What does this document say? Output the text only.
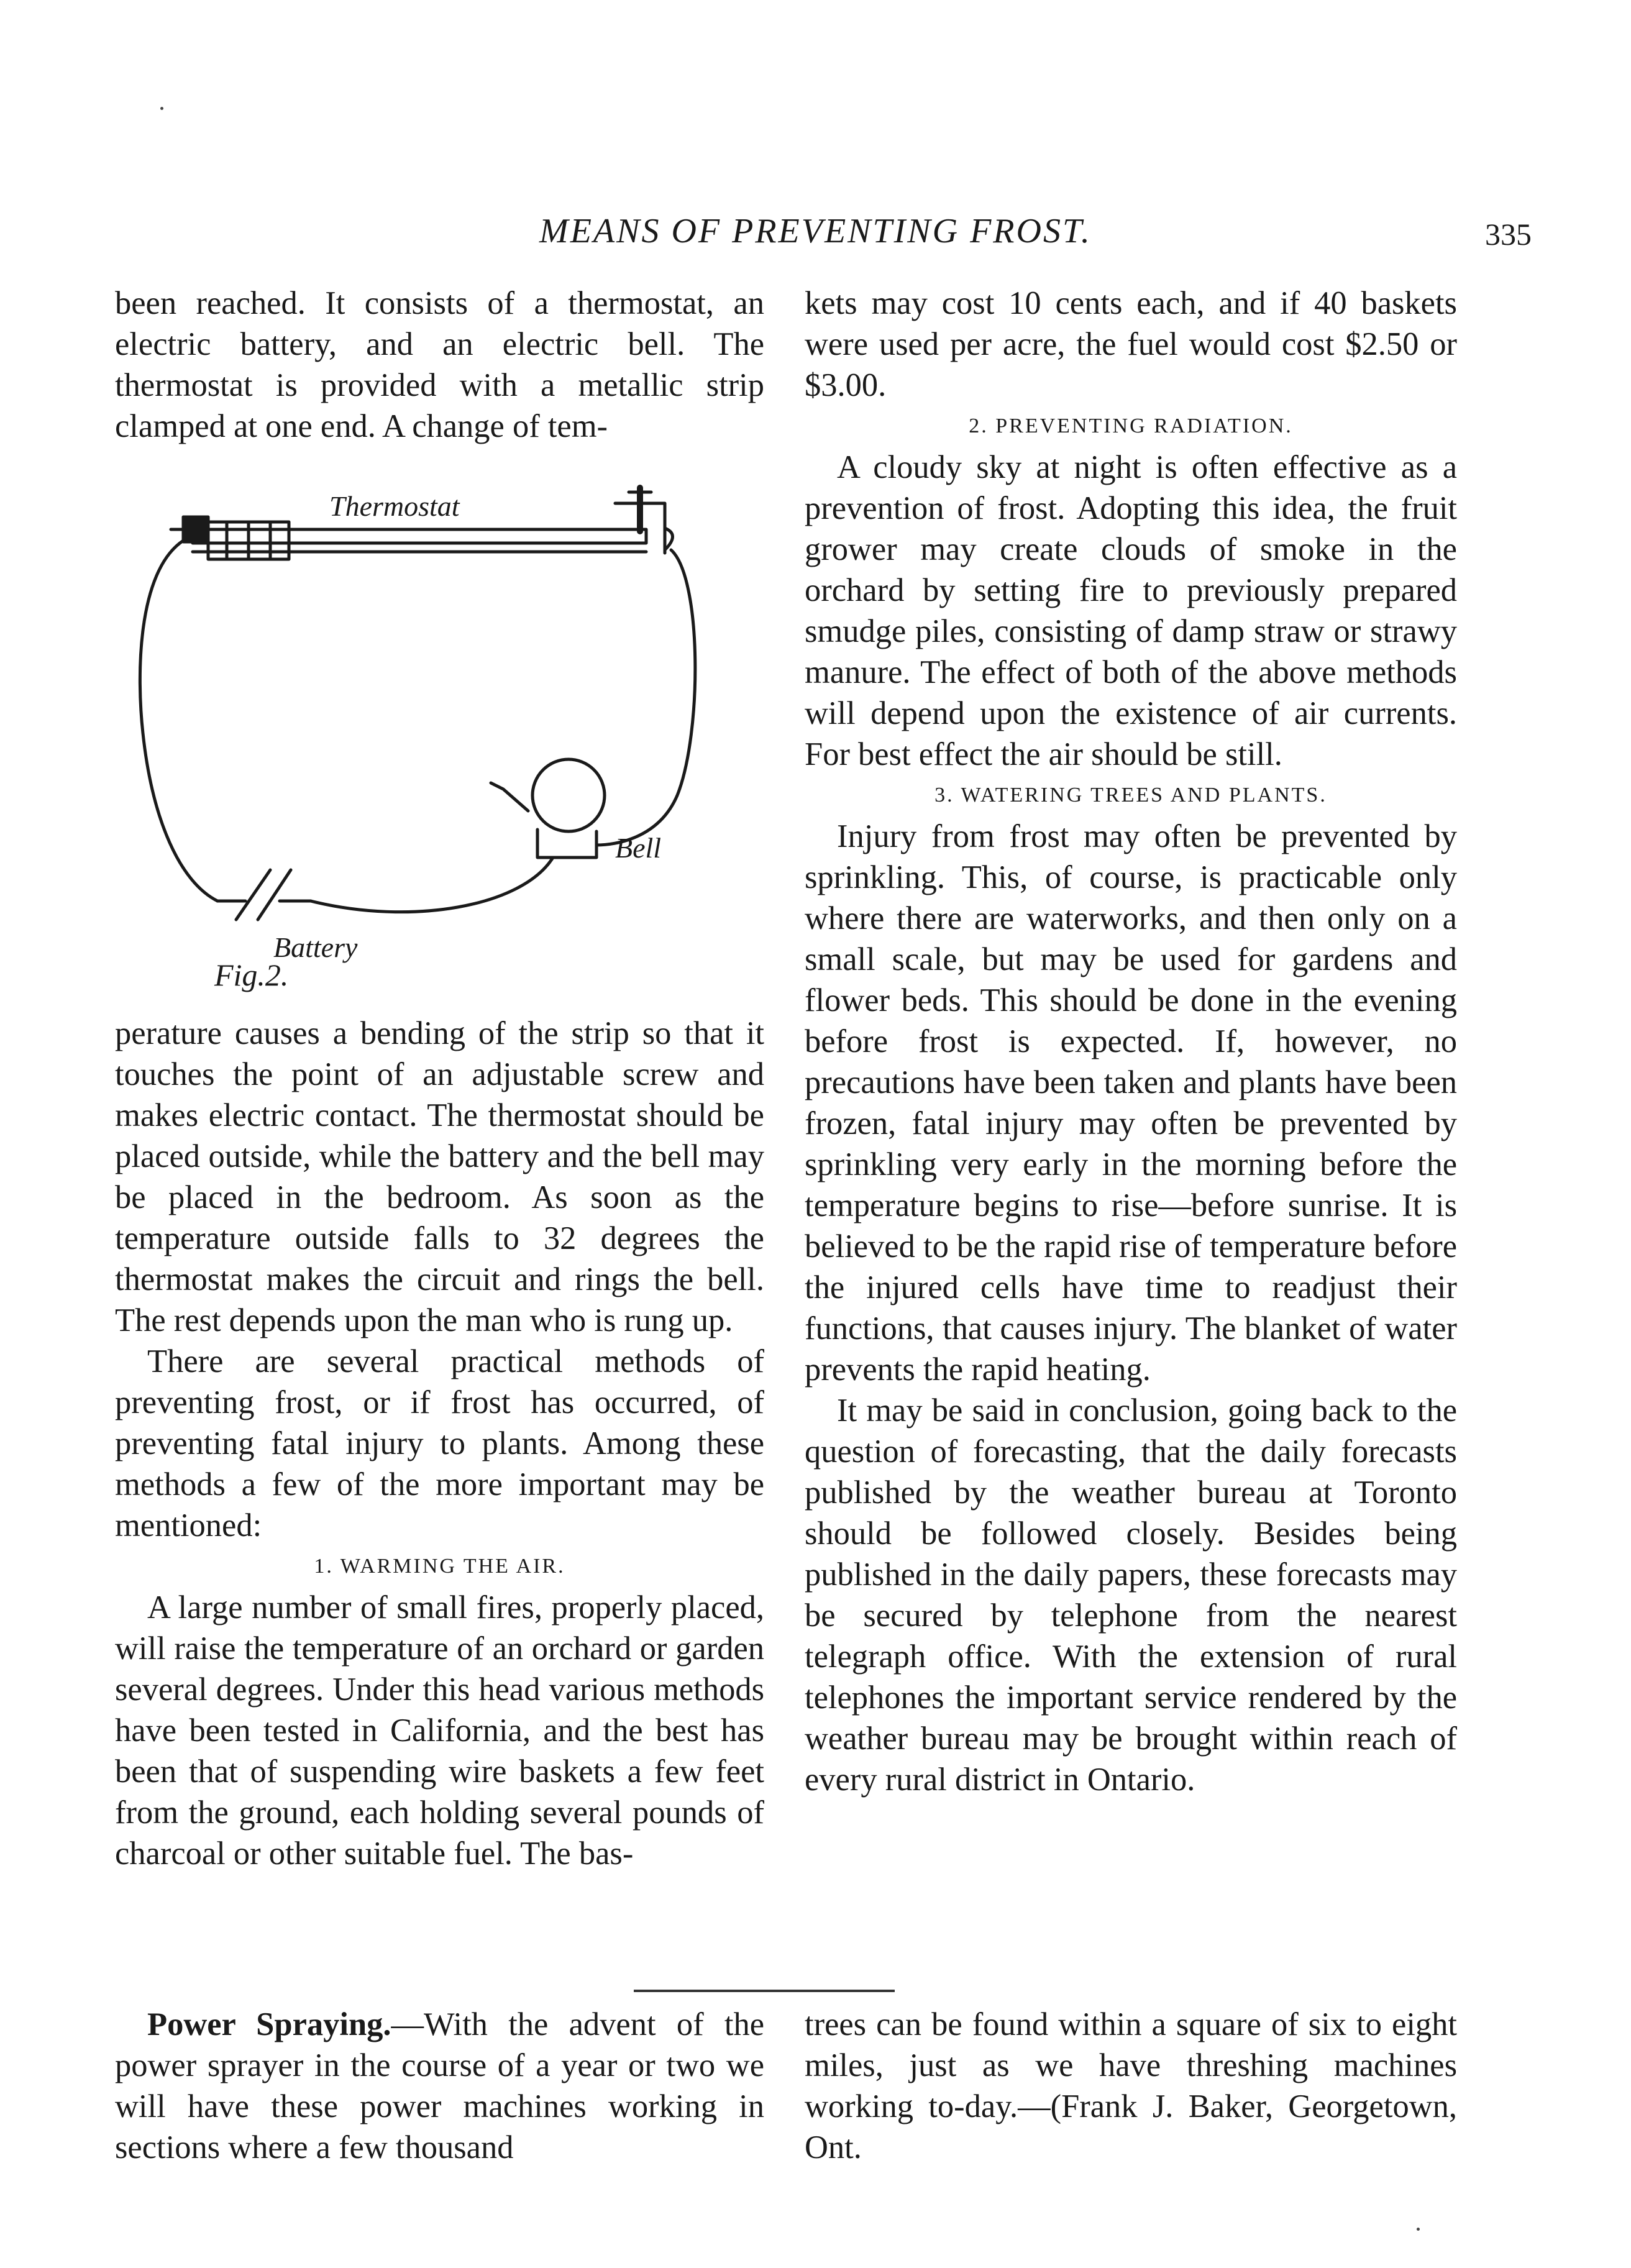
MEANS OF PREVENTING FROST.	335

been reached. It consists of a thermostat, an electric battery, and an electric bell. The thermostat is provided with a metallic strip clamped at one end. A change of tem-

Thermostat
Bell
Battery
Fig.2.

perature causes a bending of the strip so that it touches the point of an adjustable screw and makes electric contact. The thermostat should be placed outside, while the battery and the bell may be placed in the bedroom. As soon as the temperature outside falls to 32 degrees the thermostat makes the circuit and rings the bell. The rest depends upon the man who is rung up.

There are several practical methods of preventing frost, or if frost has occurred, of preventing fatal injury to plants. Among these methods a few of the more important may be mentioned:

1. WARMING THE AIR.

A large number of small fires, properly placed, will raise the temperature of an orchard or garden several degrees. Under this head various methods have been tested in California, and the best has been that of suspending wire baskets a few feet from the ground, each holding several pounds of charcoal or other suitable fuel. The bas-

kets may cost 10 cents each, and if 40 baskets were used per acre, the fuel would cost $2.50 or $3.00.

2. PREVENTING RADIATION.

A cloudy sky at night is often effective as a prevention of frost. Adopting this idea, the fruit grower may create clouds of smoke in the orchard by setting fire to previously prepared smudge piles, consisting of damp straw or strawy manure. The effect of both of the above methods will depend upon the existence of air currents. For best effect the air should be still.

3. WATERING TREES AND PLANTS.

Injury from frost may often be prevented by sprinkling. This, of course, is practicable only where there are waterworks, and then only on a small scale, but may be used for gardens and flower beds. This should be done in the evening before frost is expected. If, however, no precautions have been taken and plants have been frozen, fatal injury may often be prevented by sprinkling very early in the morning before the temperature begins to rise—before sunrise. It is believed to be the rapid rise of temperature before the injured cells have time to readjust their functions, that causes injury. The blanket of water prevents the rapid heating.

It may be said in conclusion, going back to the question of forecasting, that the daily forecasts published by the weather bureau at Toronto should be followed closely. Besides being published in the daily papers, these forecasts may be secured by telephone from the nearest telegraph office. With the extension of rural telephones the important service rendered by the weather bureau may be brought within reach of every rural district in Ontario.

Power Spraying.—With the advent of the power sprayer in the course of a year or two we will have these power machines working in sections where a few thousand

trees can be found within a square of six to eight miles, just as we have threshing machines working to-day.—(Frank J. Baker, Georgetown, Ont.
